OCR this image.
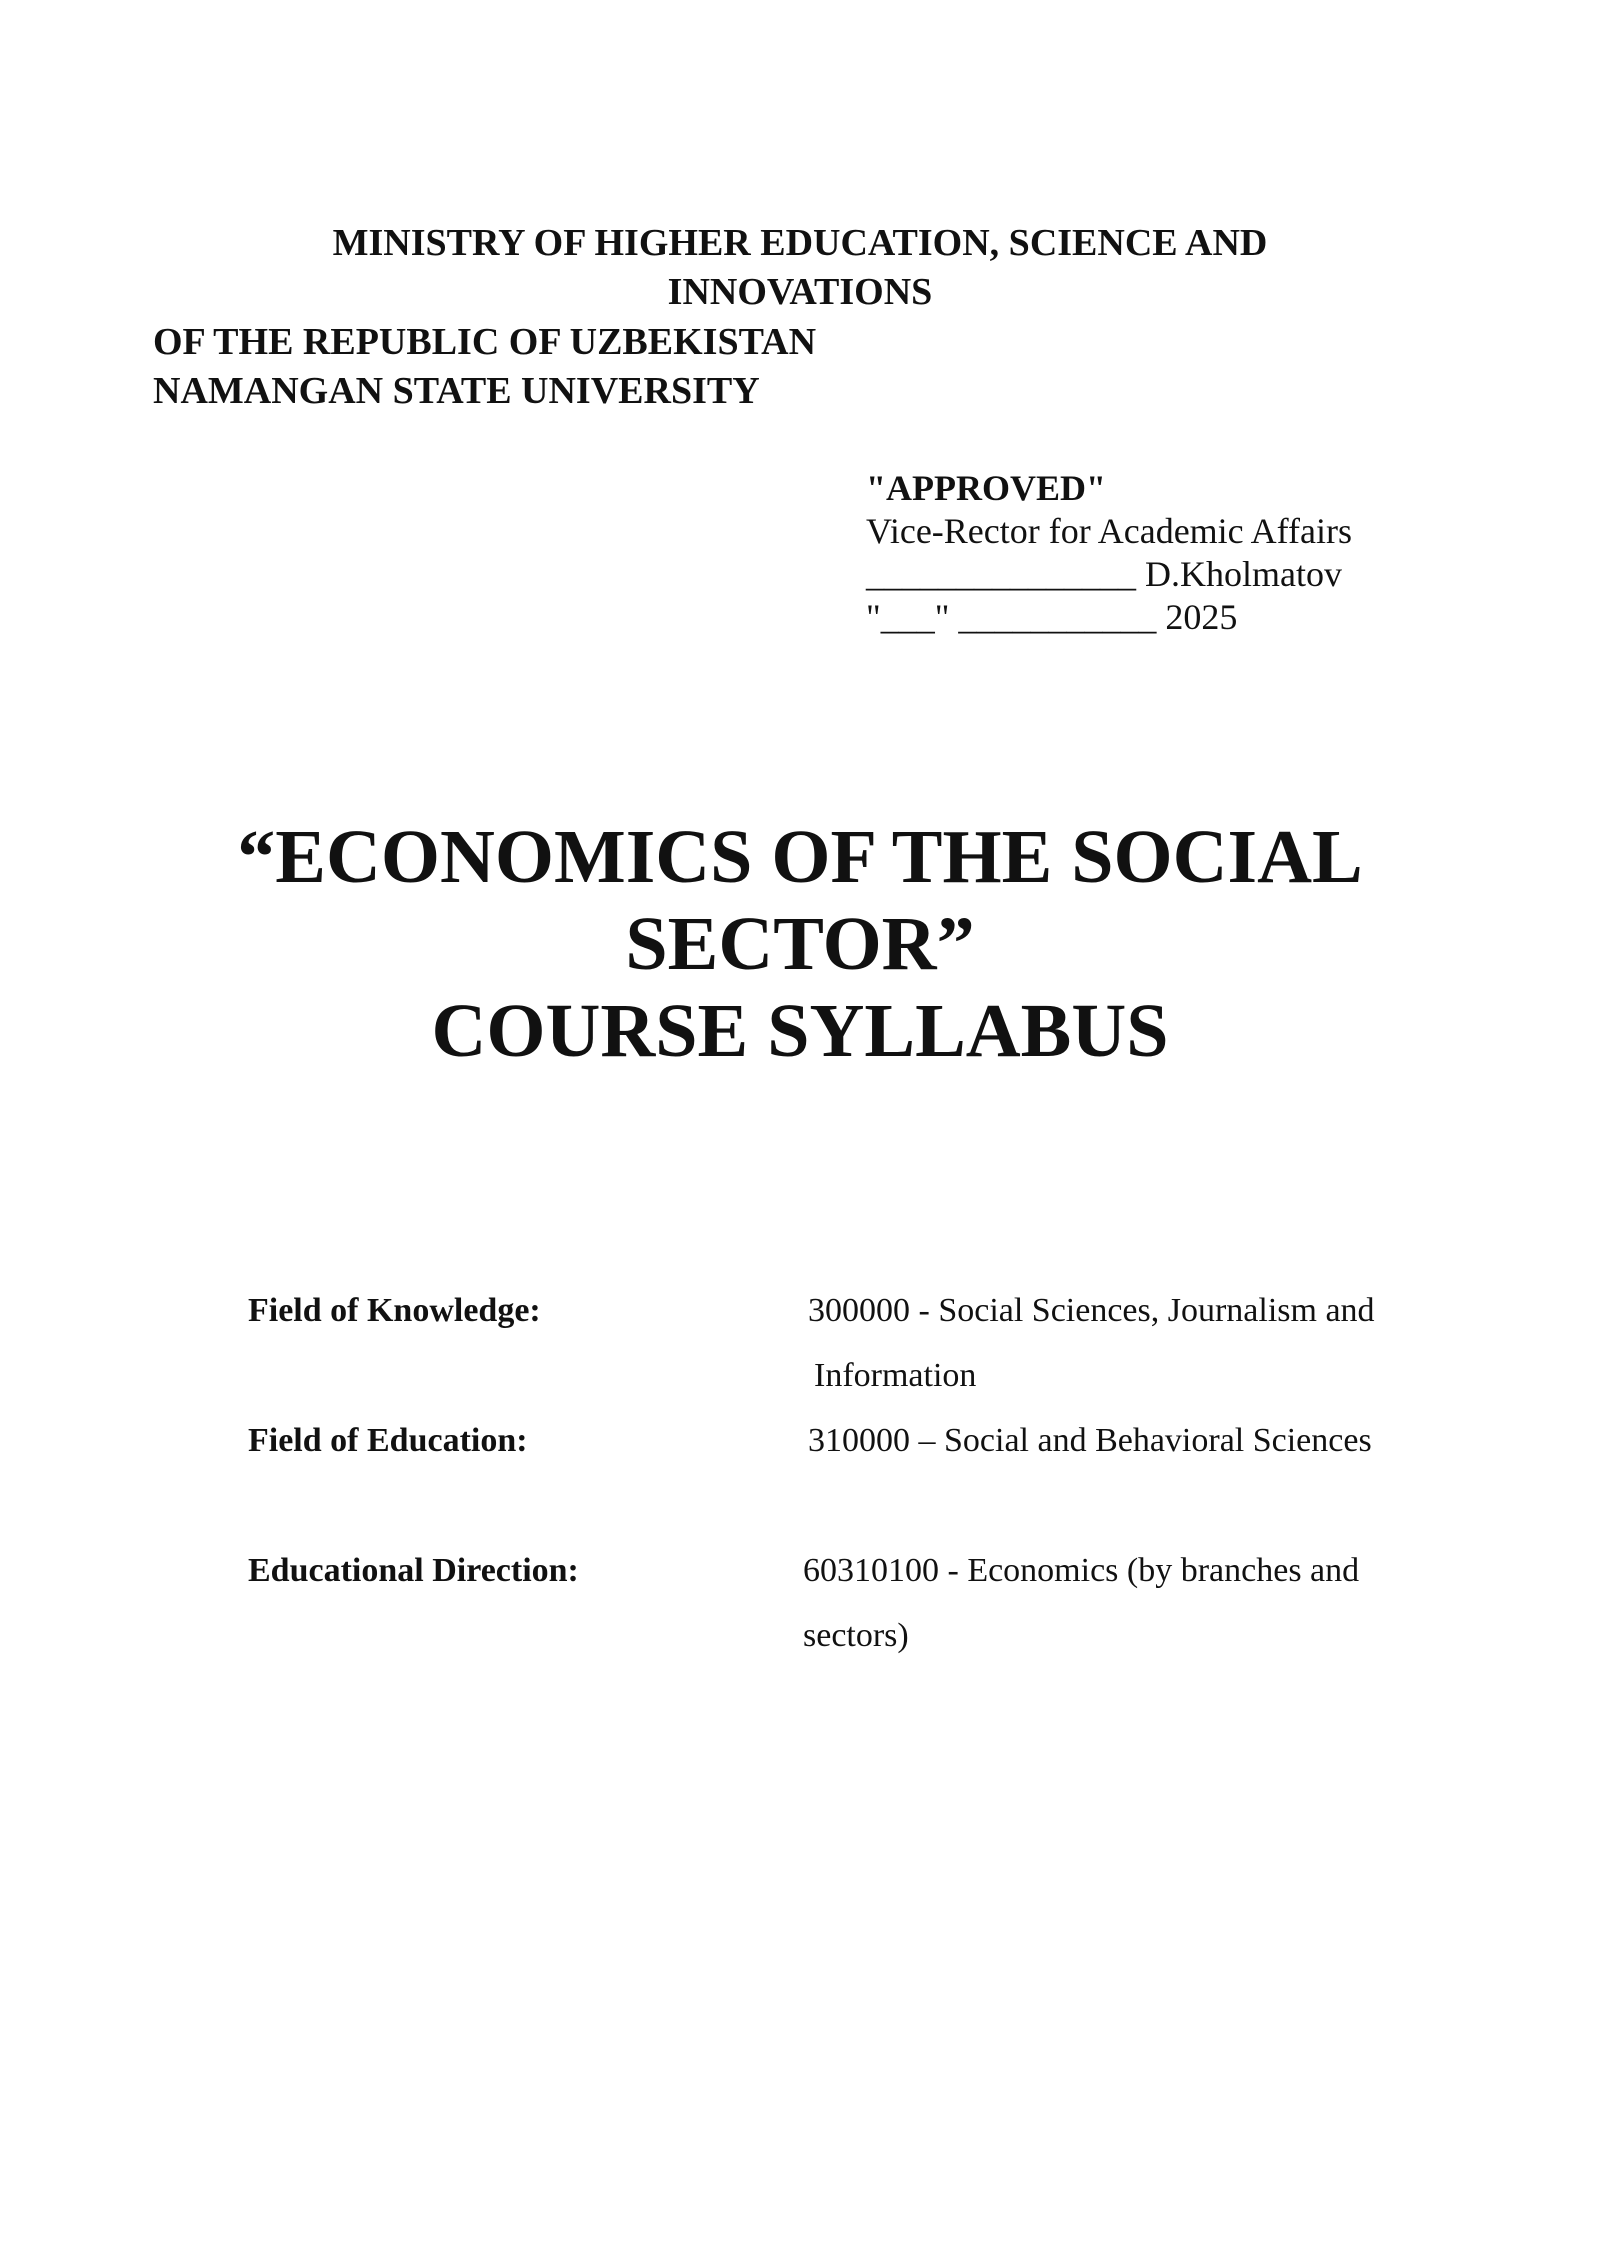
MINISTRY OF HIGHER EDUCATION, SCIENCE AND
INNOVATIONS
OF THE REPUBLIC OF UZBEKISTAN
NAMANGAN STATE UNIVERSITY
"APPROVED"
Vice-Rector for Academic Affairs
_______________ D.Kholmatov
"___" ___________ 2025
“ECONOMICS OF THE SOCIAL
SECTOR”
COURSE SYLLABUS
Field of Knowledge:	300000 - Social Sciences, Journalism and
Information
Field of Education:	310000 – Social and Behavioral Sciences
Educational Direction:	60310100 - Economics (by branches and
sectors)
